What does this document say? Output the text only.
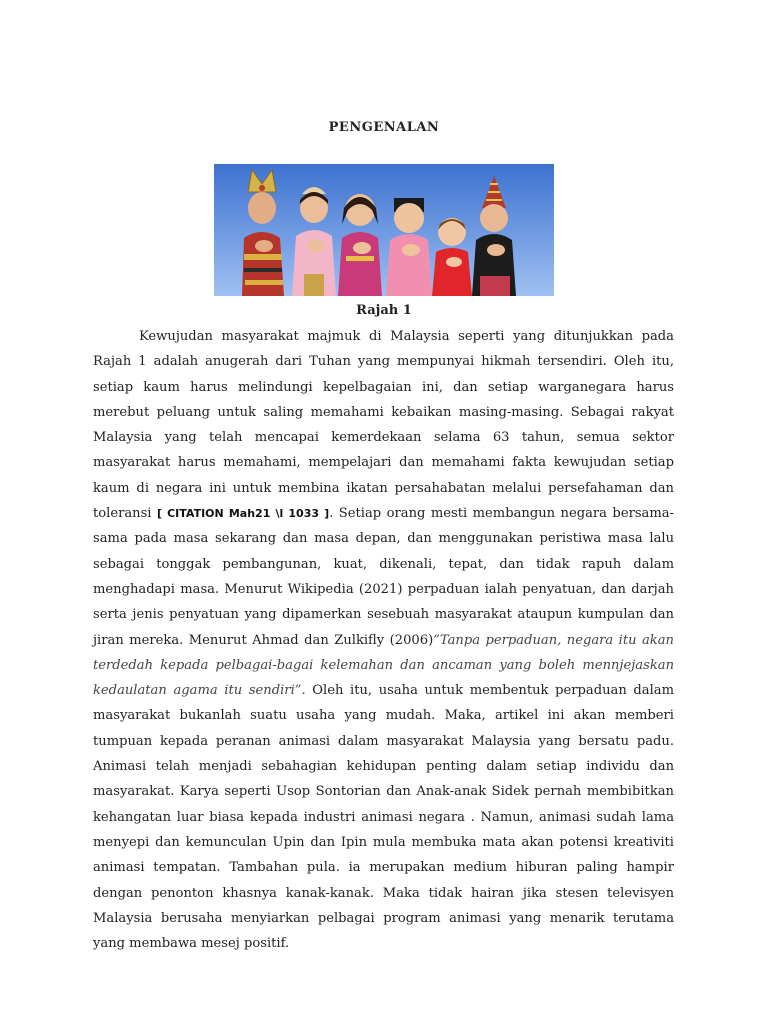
PENGENALAN
Rajah 1

Kewujudan masyarakat majmuk di Malaysia seperti yang ditunjukkan pada Rajah 1 adalah anugerah dari Tuhan yang mempunyai hikmah tersendiri. Oleh itu, setiap kaum harus melindungi kepelbagaian ini, dan setiap warganegara harus merebut peluang untuk saling memahami kebaikan masing-masing. Sebagai rakyat Malaysia yang telah mencapai kemerdekaan selama 63 tahun, semua sektor masyarakat harus memahami, mempelajari dan memahami fakta kewujudan setiap kaum di negara ini untuk membina ikatan persahabatan melalui persefahaman dan toleransi [ CITATION Mah21 \l 1033 ]. Setiap orang mesti membangun negara bersama-sama pada masa sekarang dan masa depan, dan menggunakan peristiwa masa lalu sebagai tonggak pembangunan, kuat, dikenali, tepat, dan tidak rapuh dalam menghadapi masa. Menurut Wikipedia (2021) perpaduan ialah penyatuan, dan darjah serta jenis penyatuan yang dipamerkan sesebuah masyarakat ataupun kumpulan dan jiran mereka. Menurut Ahmad dan Zulkifly (2006)”Tanpa perpaduan, negara itu akan terdedah kepada pelbagai-bagai kelemahan dan ancaman yang boleh mennjejaskan kedaulatan agama itu sendiri”. Oleh itu, usaha untuk membentuk perpaduan dalam masyarakat bukanlah suatu usaha yang mudah. Maka, artikel ini akan memberi tumpuan kepada peranan animasi dalam masyarakat Malaysia yang bersatu padu. Animasi telah menjadi sebahagian kehidupan penting dalam setiap individu dan masyarakat. Karya seperti Usop Sontorian dan Anak-anak Sidek pernah membibitkan kehangatan luar biasa kepada industri animasi negara . Namun, animasi sudah lama menyepi dan kemunculan Upin dan Ipin mula membuka mata akan potensi kreativiti animasi tempatan. Tambahan pula. ia merupakan medium hiburan paling hampir dengan penonton khasnya kanak-kanak. Maka tidak hairan jika stesen televisyen Malaysia berusaha menyiarkan pelbagai program animasi yang menarik terutama yang membawa mesej positif.
